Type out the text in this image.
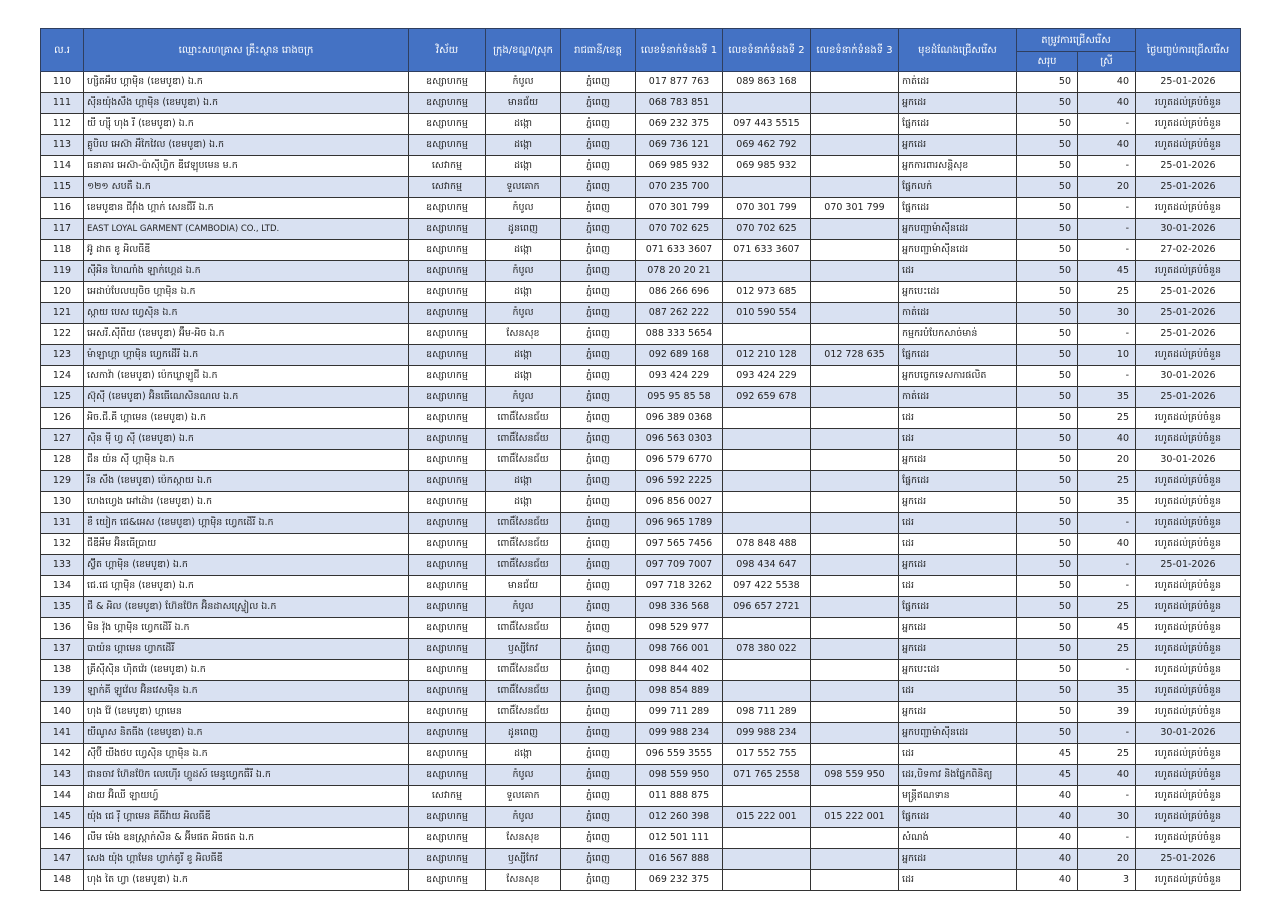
ល.រ	ឈ្មោះសហគ្រាស គ្រឹះស្ថាន រោងចក្រ	វិស័យ	ក្រុង/ខណ្ឌ/ស្រុក	រាជធានី/ខេត្ត	លេខទំនាក់ទំនងទី 1	លេខទំនាក់ទំនងទី 2	លេខទំនាក់ទំនងទី 3	មុខដំណែងជ្រើសរើស	តម្រូវការជ្រើសរើស		ថ្ងៃបញ្ចប់ការជ្រើសរើស
									សរុប	ស្រី	
110	ហ្សិតអឹប ហ្គាម៉ិន (ខេមបូឌា) ឯ.ក	ឧស្សាហកម្ម	កំបូល	ភ្នំពេញ	017 877 763	089 863 168		កាត់ដេរ	50	40	25-01-2026
111	ស៊ីនយ៉ុងសឹង ហ្គាម៉ិន (ខេមបូឌា) ឯ.ក	ឧស្សាហកម្ម	មានជ័យ	ភ្នំពេញ	068 783 851			អ្នកដេរ	50	40	រហូតដល់គ្រប់ចំនួន
112	យី ហ្ស៊ី ហុង រី (ខេមបូឌា) ឯ.ក	ឧស្សាហកម្ម	ដង្កោ	ភ្នំពេញ	069 232 375	097 443 5515		ផ្នែកដេរ	50	-	រហូតដល់គ្រប់ចំនួន
113	គ្លូបិល អេស៊ា អឹកៃវៃល (ខេមបូឌា) ឯ.ក	ឧស្សាហកម្ម	ដង្កោ	ភ្នំពេញ	069 736 121	069 462 792		អ្នកដេរ	50	40	រហូតដល់គ្រប់ចំនួន
114	ធនាគារ អេស៊ា-ប៉ាស៊ីហ្វិក ឌីវេឡុបមេន ម.ក	សេវាកម្ម	ដង្កោ	ភ្នំពេញ	069 985 932	069 985 932		អ្នកការពារសន្តិសុខ	50	-	25-01-2026
115	១២១ សបតឺ ឯ.ក	សេវាកម្ម	ទួលគោក	ភ្នំពេញ	070 235 700			ផ្នែកលក់	50	20	25-01-2026
116	ខេមបូឌាន ជីវ៉ាំង ហ្គាក់ សេនជឺរី ឯ.ក	ឧស្សាហកម្ម	កំបូល	ភ្នំពេញ	070 301 799	070 301 799	070 301 799	ផ្នែកដេរ	50	-	រហូតដល់គ្រប់ចំនួន
117	EAST LOYAL GARMENT (CAMBODIA) CO., LTD.	ឧស្សាហកម្ម	ដូនពេញ	ភ្នំពេញ	070 702 625	070 702 625		អ្នកបញ្ជាម៉ាស៊ីនដេរ	50	-	30-01-2026
118	អ៊ូ ដាត ខូ អិលធីឌី	ឧស្សាហកម្ម	ដង្កោ	ភ្នំពេញ	071 633 3607	071 633 3607		អ្នកបញ្ជាម៉ាស៊ីនដេរ	50	-	27-02-2026
119	ស៊ីអិន ហៃណាំង ឡាក់ហ្គេដ ឯ.ក	ឧស្សាហកម្ម	កំបូល	ភ្នំពេញ	078 20 20 21			ដេរ	50	45	រហូតដល់គ្រប់ចំនួន
120	អេដាប់បែលឃុចិច ហ្គាម៉ិន ឯ.ក	ឧស្សាហកម្ម	ដង្កោ	ភ្នំពេញ	086 266 696	012 973 685		អ្នកបេះដេរ	50	25	25-01-2026
121	ស្កាយ បេស ហ្វេស៊ិន ឯ.ក	ឧស្សាហកម្ម	កំបូល	ភ្នំពេញ	087 262 222	010 590 554		កាត់ដេរ	50	30	25-01-2026
122	អេសរី.ស៊ីពីយ (ខេមបូឌា) អ៊ឹម-អិច ឯ.ក	ឧស្សាហកម្ម	សែនសុខ	ភ្នំពេញ	088 333 5654			កម្មករបំបែកសាច់មាន់	50	-	25-01-2026
123	ម៉ាឡាហ្គា ហ្គាម៉ិន ហ្វេកដើរី ឯ.ក	ឧស្សាហកម្ម	ដង្កោ	ភ្នំពេញ	092 689 168	012 210 128	012 728 635	ផ្នែកដេរ	50	10	រហូតដល់គ្រប់ចំនួន
124	សេកាវ៉ា (ខេមបូឌា) ប៉េកឃ្លាឡូជី ឯ.ក	ឧស្សាហកម្ម	ដង្កោ	ភ្នំពេញ	093 424 229	093 424 229		អ្នកបច្ចេកទេសការផលិត	50	-	30-01-2026
125	ស៊ុស៊ី (ខេមបូឌា) អ៊ិនធើណេសិនណល ឯ.ក	ឧស្សាហកម្ម	កំបូល	ភ្នំពេញ	095 95 85 58	092 659 678		កាត់ដេរ	50	35	25-01-2026
126	អិច.ជី.គី ហ្គាមេន (ខេមបូឌា) ឯ.ក	ឧស្សាហកម្ម	ពោធិ៍សែនជ័យ	ភ្នំពេញ	096 389 0368			ដេរ	50	25	រហូតដល់គ្រប់ចំនួន
127	ស៊ិន ម៉ី ហ្វ ស៊ី (ខេមបូឌា) ឯ.ក	ឧស្សាហកម្ម	ពោធិ៍សែនជ័យ	ភ្នំពេញ	096 563 0303			ដេរ	50	40	រហូតដល់គ្រប់ចំនួន
128	ជីន យ៉ន ស៊ី ហ្គាម៉ិន ឯ.ក	ឧស្សាហកម្ម	ពោធិ៍សែនជ័យ	ភ្នំពេញ	096 579 6770			អ្នកដេរ	50	20	30-01-2026
129	រីន សឹង (ខេមបូឌា) ប៉េកស្កាយ ឯ.ក	ឧស្សាហកម្ម	ដង្កោ	ភ្នំពេញ	096 592 2225			ផ្នែកដេរ	50	25	រហូតដល់គ្រប់ចំនួន
130	ហេងហ្វេង អៅដ៉ោរ (ខេមបូឌា) ឯ.ក	ឧស្សាហកម្ម	ដង្កោ	ភ្នំពេញ	096 856 0027			អ្នកដេរ	50	35	រហូតដល់គ្រប់ចំនួន
131	ខឺ យៀក ជេ&អេស (ខេមបូឌា) ហ្គាម៉ិន ហ្វេកដើរី ឯ.ក	ឧស្សាហកម្ម	ពោធិ៍សែនជ័យ	ភ្នំពេញ	096 965 1789			ដេរ	50	-	រហូតដល់គ្រប់ចំនួន
132	ជីឌីអឹម អ៊ិនធើប្រាយ	ឧស្សាហកម្ម	ពោធិ៍សែនជ័យ	ភ្នំពេញ	097 565 7456	078 848 488		ដេរ	50	40	រហូតដល់គ្រប់ចំនួន
133	ស៊្វីត ហ្គាម៉ិន (ខេមបូឌា) ឯ.ក	ឧស្សាហកម្ម	ពោធិ៍សែនជ័យ	ភ្នំពេញ	097 709 7007	098 434 647		អ្នកដេរ	50	-	25-01-2026
134	ជេ.ជេ ហ្គាម៉ិន (ខេមបូឌា) ឯ.ក	ឧស្សាហកម្ម	មានជ័យ	ភ្នំពេញ	097 718 3262	097 422 5538		ដេរ	50	-	រហូតដល់គ្រប់ចំនួន
135	ជី & អិល (ខេមបូឌា) ហ៊ែនប៊ែក អ៊ិនដាសស្ទ្រៀល ឯ.ក	ឧស្សាហកម្ម	កំបូល	ភ្នំពេញ	098 336 568	096 657 2721		ផ្នែកដេរ	50	25	រហូតដល់គ្រប់ចំនួន
136	មិន វ៉ុង ហ្គាម៉ិន ហ្វេកដើរី ឯ.ក	ឧស្សាហកម្ម	ពោធិ៍សែនជ័យ	ភ្នំពេញ	098 529 977			អ្នកដេរ	50	45	រហូតដល់គ្រប់ចំនួន
137	បាយ៉ន ហ្គាមេន ហ្វាកដើរី	ឧស្សាហកម្ម	ឫស្សីកែវ	ភ្នំពេញ	098 766 001	078 380 022		អ្នកដេរ	50	25	រហូតដល់គ្រប់ចំនួន
138	គ្រីស៊ីស៊ិន ហ៊ិតវ៉េរ (ខេមបូឌា) ឯ.ក	ឧស្សាហកម្ម	ពោធិ៍សែនជ័យ	ភ្នំពេញ	098 844 402			អ្នកបេះដេរ	50	-	រហូតដល់គ្រប់ចំនួន
139	ឡាក់គី ឡូវ៉េល អ៊ិនវេសម៉ិន ឯ.ក	ឧស្សាហកម្ម	ពោធិ៍សែនជ័យ	ភ្នំពេញ	098 854 889			ដេរ	50	35	រហូតដល់គ្រប់ចំនួន
140	ហុង វ៉ែ (ខេមបូឌា) ហ្គាមេន	ឧស្សាហកម្ម	ពោធិ៍សែនជ័យ	ភ្នំពេញ	099 711 289	098 711 289		អ្នកដេរ	50	39	រហូតដល់គ្រប់ចំនួន
141	យីណូស និតធីង (ខេមបូឌា) ឯ.ក	ឧស្សាហកម្ម	ដូនពេញ	ភ្នំពេញ	099 988 234	099 988 234		អ្នកបញ្ជាម៉ាស៊ីនដេរ	50	-	30-01-2026
142	ស៊ីប៊ី យីងថប ហ្វេស៊ិន ហ្គាម៉ិន ឯ.ក	ឧស្សាហកម្ម	ដង្កោ	ភ្នំពេញ	096 559 3555	017 552 755		ដេរ	45	25	រហូតដល់គ្រប់ចំនួន
143	ជានចាវ ហ៊ែនប៊ែក លេហ៊ើរ ហ្គូដស៍ មេនូហ្វេកធឺរី ឯ.ក	ឧស្សាហកម្ម	កំបូល	ភ្នំពេញ	098 559 950	071 765 2558	098 559 950	ដេរ,បិទកាវ និងផ្នែកពិនិត្យ	45	40	រហូតដល់គ្រប់ចំនួន
144	ដាយ អ៊ិឈី ឡាយហ្វ៍	សេវាកម្ម	ទួលគោក	ភ្នំពេញ	011 888 875			មន្ត្រីឥណទាន	40	-	រហូតដល់គ្រប់ចំនួន
145	យ៉ុង ជេ រ៉ី ហ្គាមេន គីធីវ៉ាយ អិលធីឌី	ឧស្សាហកម្ម	កំបូល	ភ្នំពេញ	012 260 398	015 222 001	015 222 001	ផ្នែកដេរ	40	30	រហូតដល់គ្រប់ចំនួន
146	លីម ម៉េង ឧនស្ត្រាក់សិន & អ៊ីមផត អិចផត ឯ.ក	ឧស្សាហកម្ម	សែនសុខ	ភ្នំពេញ	012 501 111			សំណង់	40	-	រហូតដល់គ្រប់ចំនួន
147	សេង យ៉ុង ហ្គាមែន ហ្វាក់តូរី ខូ អិលធីឌី	ឧស្សាហកម្ម	ឫស្សីកែវ	ភ្នំពេញ	016 567 888			អ្នកដេរ	40	20	25-01-2026
148	ហុង តៃ ហ្វា (ខេមបូឌា) ឯ.ក	ឧស្សាហកម្ម	សែនសុខ	ភ្នំពេញ	069 232 375			ដេរ	40	3	រហូតដល់គ្រប់ចំនួន
